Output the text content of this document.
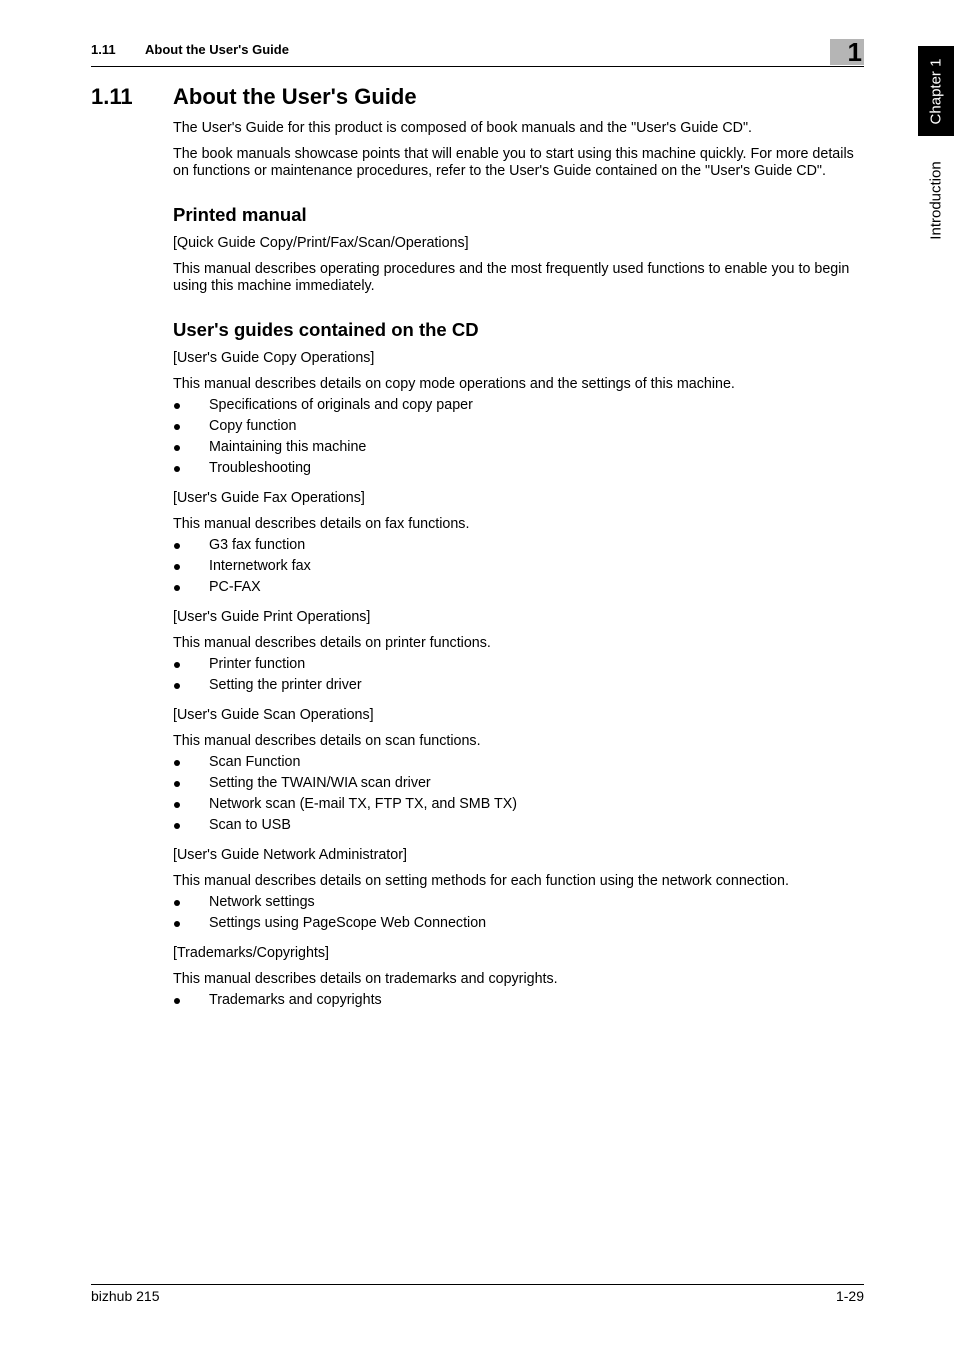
1.11 About the User's Guide	1
Chapter 1
Introduction
1.11 About the User's Guide

The User's Guide for this product is composed of book manuals and the "User's Guide CD".

The book manuals showcase points that will enable you to start using this machine quickly. For more details on functions or maintenance procedures, refer to the User's Guide contained on the "User's Guide CD".

Printed manual

[Quick Guide Copy/Print/Fax/Scan/Operations]

This manual describes operating procedures and the most frequently used functions to enable you to begin using this machine immediately.

User's guides contained on the CD

[User's Guide Copy Operations]

This manual describes details on copy mode operations and the settings of this machine.

Specifications of originals and copy paper
Copy function
Maintaining this machine
Troubleshooting

[User's Guide Fax Operations]

This manual describes details on fax functions.

G3 fax function
Internetwork fax
PC-FAX

[User's Guide Print Operations]

This manual describes details on printer functions.

Printer function
Setting the printer driver

[User's Guide Scan Operations]

This manual describes details on scan functions.

Scan Function
Setting the TWAIN/WIA scan driver
Network scan (E-mail TX, FTP TX, and SMB TX)
Scan to USB

[User's Guide Network Administrator]

This manual describes details on setting methods for each function using the network connection.

Network settings
Settings using PageScope Web Connection

[Trademarks/Copyrights]

This manual describes details on trademarks and copyrights.

Trademarks and copyrights
bizhub 215	1-29
